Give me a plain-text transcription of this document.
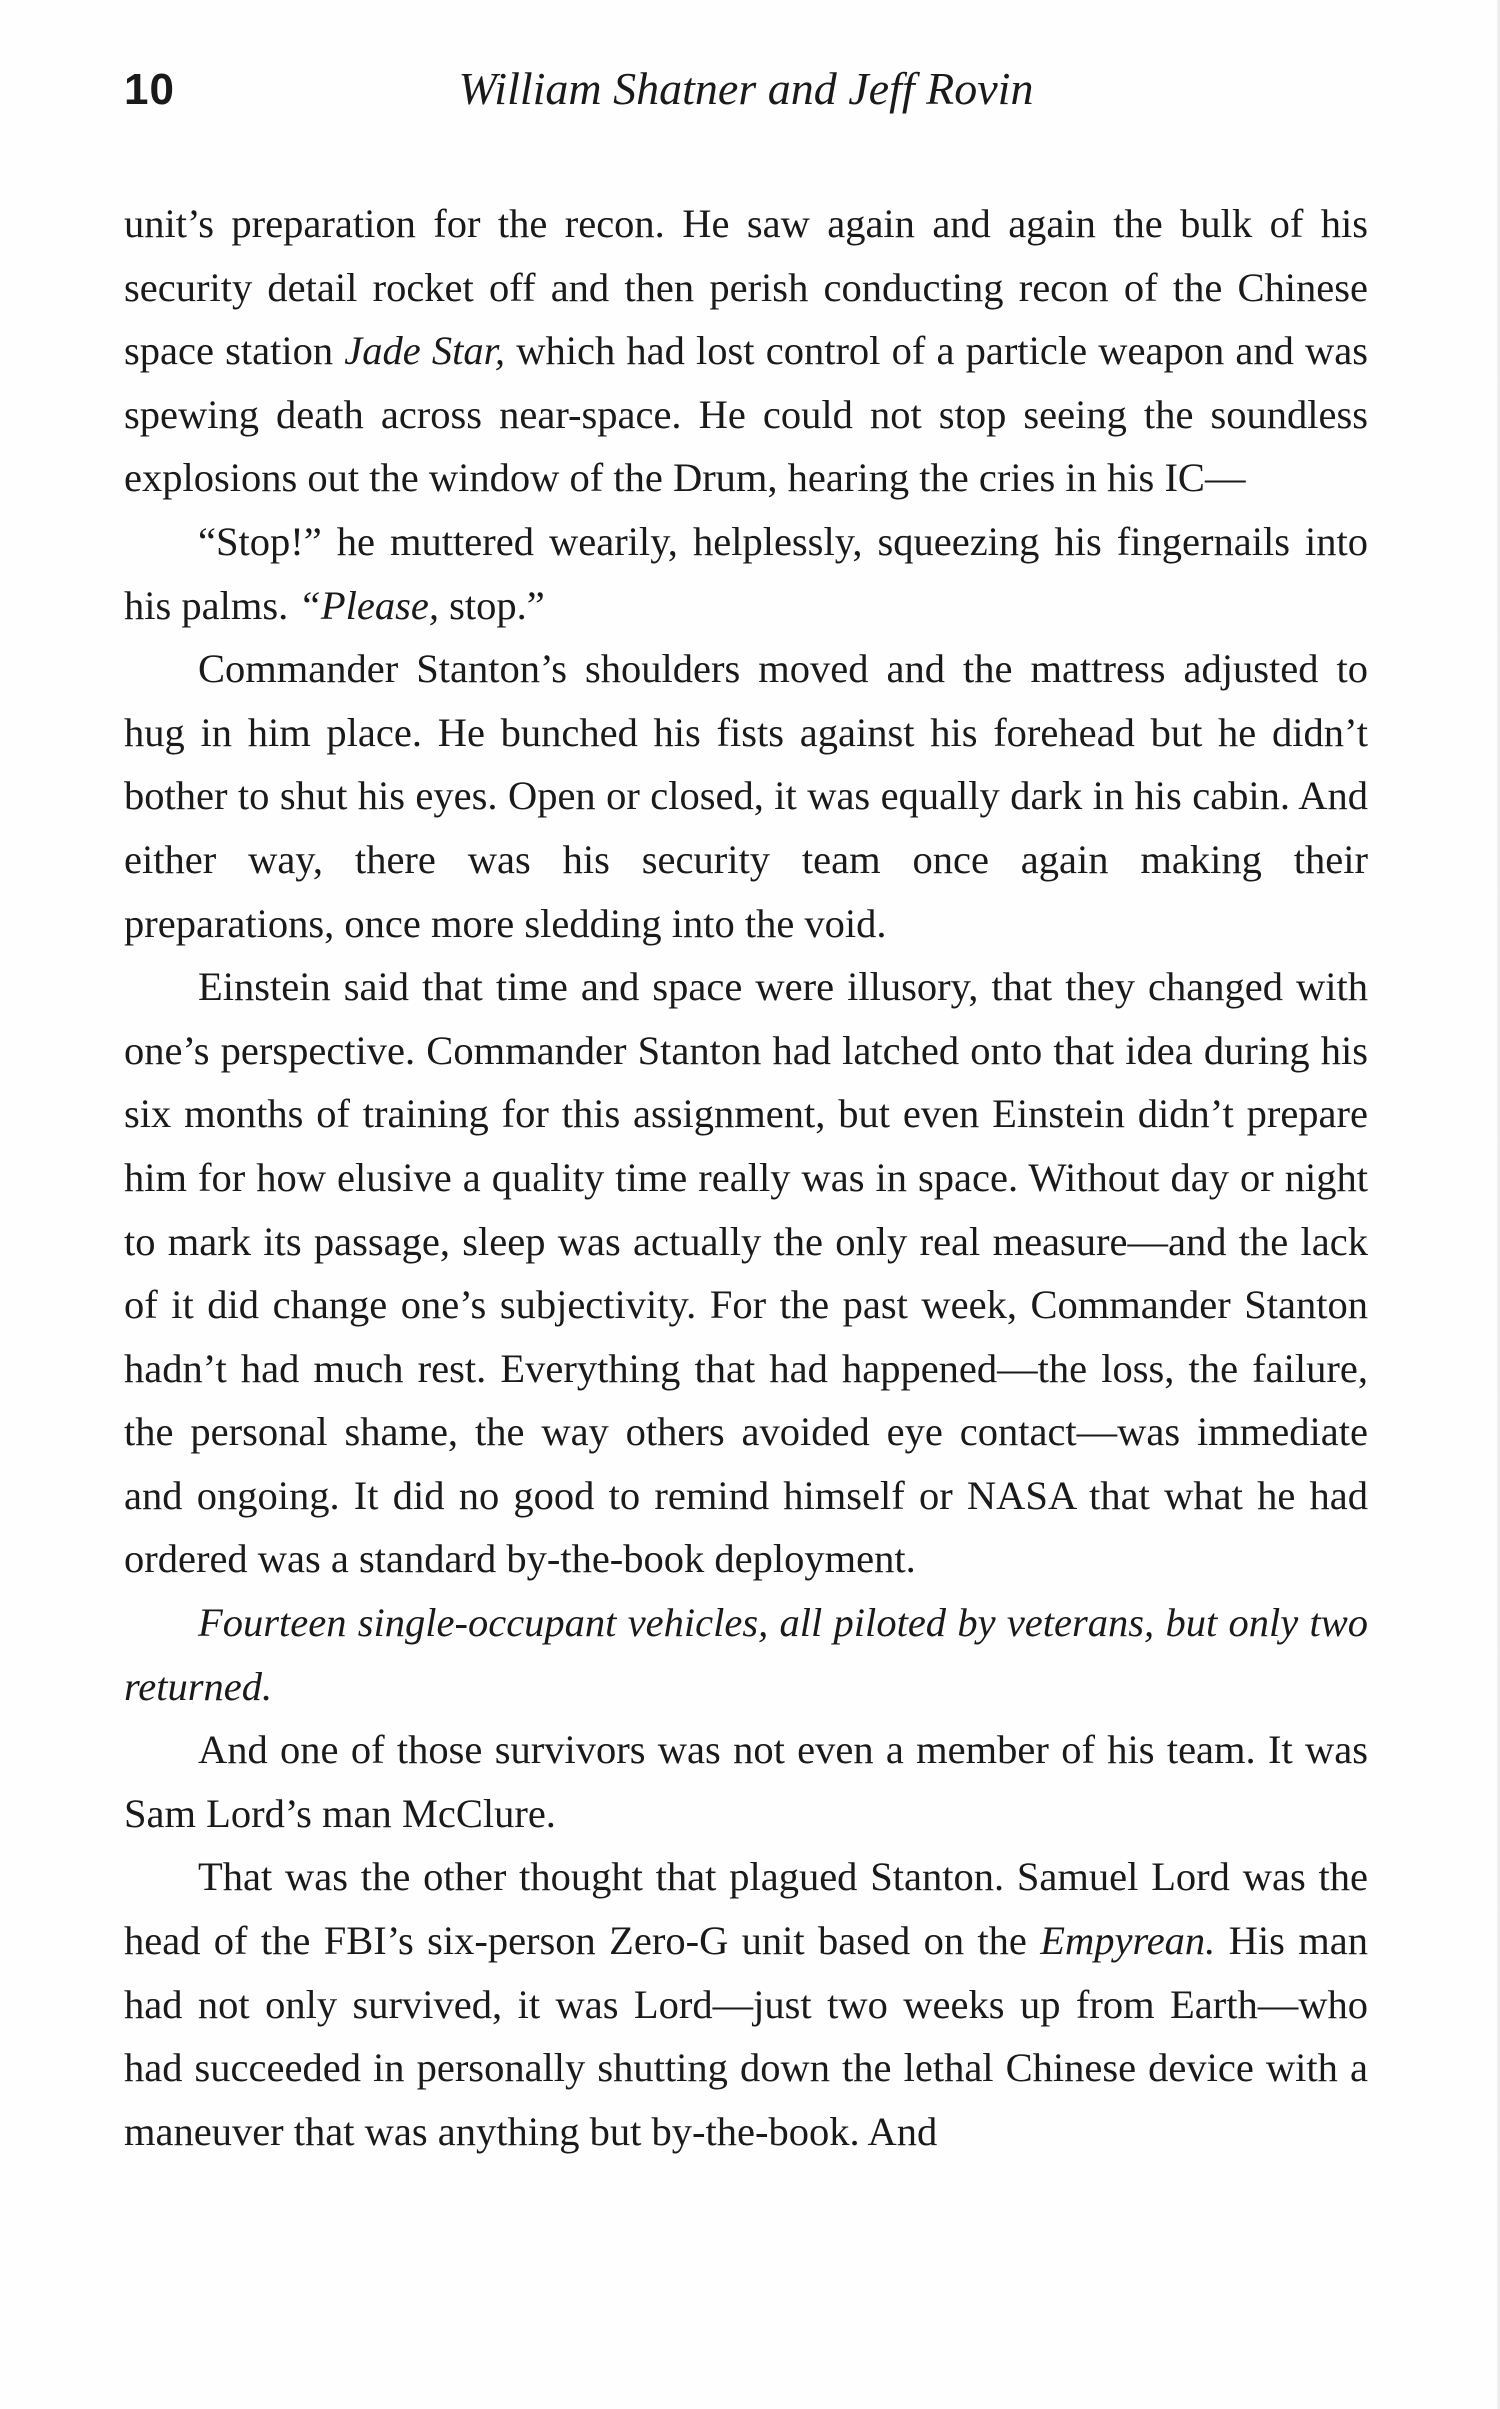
10	William Shatner and Jeff Rovin

unit’s preparation for the recon. He saw again and again the bulk of his security detail rocket off and then perish conducting recon of the Chinese space station Jade Star, which had lost control of a particle weapon and was spewing death across near-space. He could not stop seeing the soundless explosions out the window of the Drum, hearing the cries in his IC—

“Stop!” he muttered wearily, helplessly, squeezing his fingernails into his palms. “Please, stop.”

Commander Stanton’s shoulders moved and the mattress adjusted to hug in him place. He bunched his fists against his forehead but he didn’t bother to shut his eyes. Open or closed, it was equally dark in his cabin. And either way, there was his security team once again making their preparations, once more sledding into the void.

Einstein said that time and space were illusory, that they changed with one’s perspective. Commander Stanton had latched onto that idea during his six months of training for this assignment, but even Einstein didn’t prepare him for how elusive a quality time really was in space. Without day or night to mark its passage, sleep was actually the only real measure—and the lack of it did change one’s subjectivity. For the past week, Commander Stanton hadn’t had much rest. Everything that had happened—the loss, the failure, the personal shame, the way others avoided eye contact—was immediate and ongoing. It did no good to remind himself or NASA that what he had ordered was a standard by-the-book deployment.

Fourteen single-occupant vehicles, all piloted by veterans, but only two returned.

And one of those survivors was not even a member of his team. It was Sam Lord’s man McClure.

That was the other thought that plagued Stanton. Samuel Lord was the head of the FBI’s six-person Zero-G unit based on the Empyrean. His man had not only survived, it was Lord—just two weeks up from Earth—who had succeeded in personally shutting down the lethal Chinese device with a maneuver that was anything but by-the-book. And
